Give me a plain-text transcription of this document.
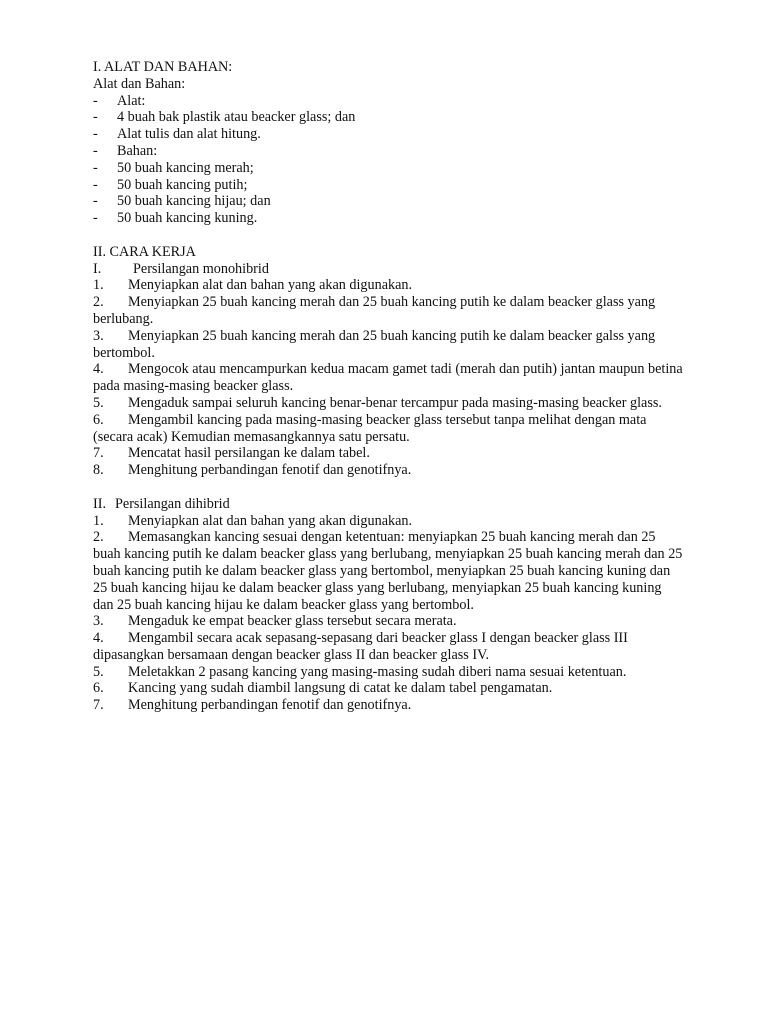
I. ALAT DAN BAHAN:
Alat dan Bahan:
- Alat:
- 4 buah bak plastik atau beacker glass; dan
- Alat tulis dan alat hitung.
- Bahan:
- 50 buah kancing merah;
- 50 buah kancing putih;
- 50 buah kancing hijau; dan
- 50 buah kancing kuning.
II. CARA KERJA
I. Persilangan monohibrid
1. Menyiapkan alat dan bahan yang akan digunakan.
2. Menyiapkan 25 buah kancing merah dan 25 buah kancing putih ke dalam beacker glass yang berlubang.
3. Menyiapkan 25 buah kancing merah dan 25 buah kancing putih ke dalam beacker galss yang bertombol.
4. Mengocok atau mencampurkan kedua macam gamet tadi (merah dan putih) jantan maupun betina pada masing-masing beacker glass.
5. Mengaduk sampai seluruh kancing benar-benar tercampur pada masing-masing beacker glass.
6. Mengambil kancing pada masing-masing beacker glass tersebut tanpa melihat dengan mata (secara acak) Kemudian memasangkannya satu persatu.
7. Mencatat hasil persilangan ke dalam tabel.
8. Menghitung perbandingan fenotif dan genotifnya.
II. Persilangan dihibrid
1. Menyiapkan alat dan bahan yang akan digunakan.
2. Memasangkan kancing sesuai dengan ketentuan: menyiapkan 25 buah kancing merah dan 25 buah kancing putih ke dalam beacker glass yang berlubang, menyiapkan 25 buah kancing merah dan 25 buah kancing putih ke dalam beacker glass yang bertombol, menyiapkan 25 buah kancing kuning dan 25 buah kancing hijau ke dalam beacker glass yang berlubang, menyiapkan 25 buah kancing kuning dan 25 buah kancing hijau ke dalam beacker glass yang bertombol.
3. Mengaduk ke empat beacker glass tersebut secara merata.
4. Mengambil secara acak sepasang-sepasang dari beacker glass I dengan beacker glass III dipasangkan bersamaan dengan beacker glass II dan beacker glass IV.
5. Meletakkan 2 pasang kancing yang masing-masing sudah diberi nama sesuai ketentuan.
6. Kancing yang sudah diambil langsung di catat ke dalam tabel pengamatan.
7. Menghitung perbandingan fenotif dan genotifnya.
